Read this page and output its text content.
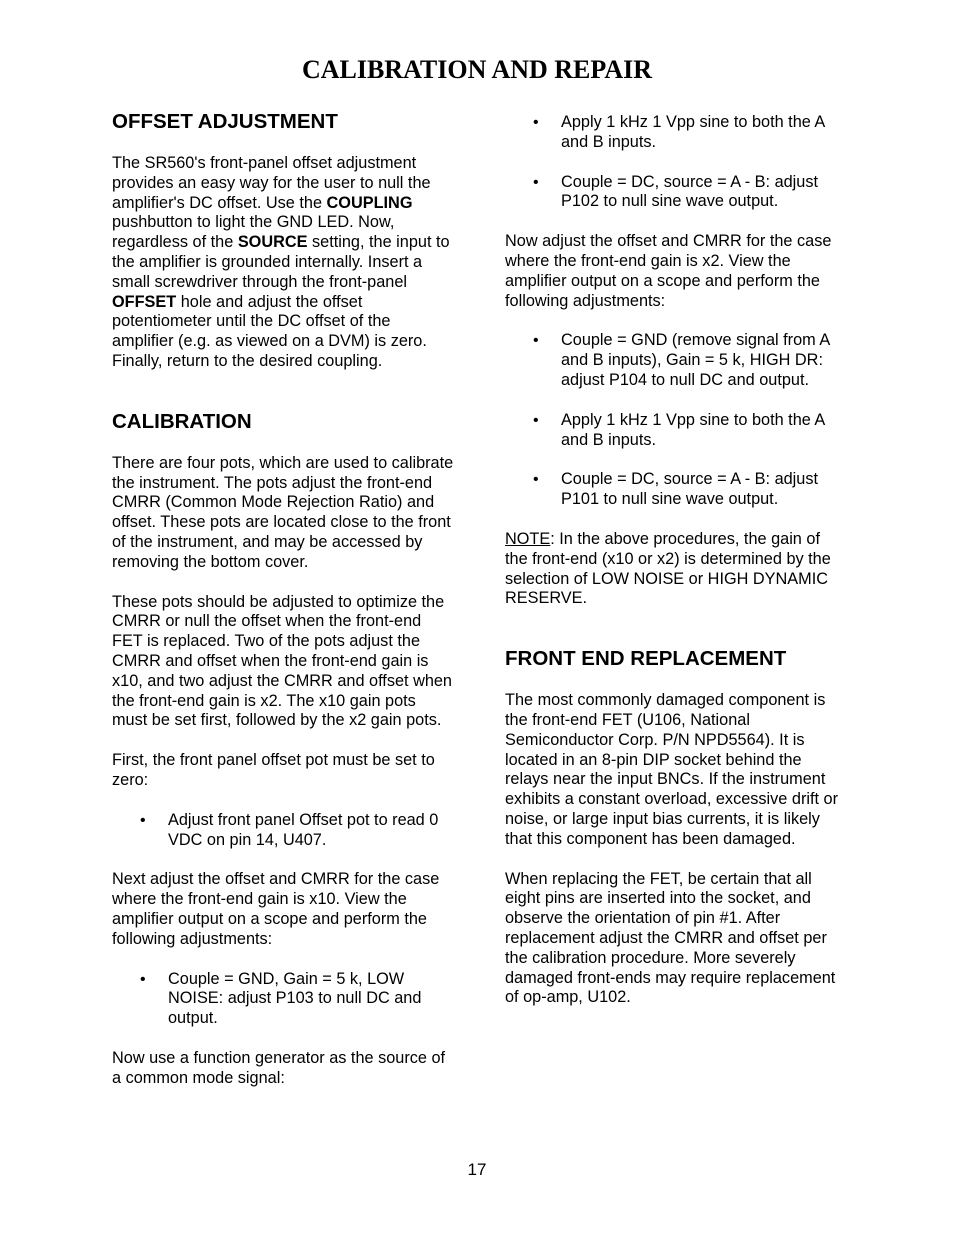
CALIBRATION AND REPAIR
OFFSET ADJUSTMENT

The SR560's front-panel offset adjustment provides an easy way for the user to null the amplifier's DC offset. Use the COUPLING pushbutton to light the GND LED. Now, regardless of the SOURCE setting, the input to the amplifier is grounded internally. Insert a small screwdriver through the front-panel OFFSET hole and adjust the offset potentiometer until the DC offset of the amplifier (e.g. as viewed on a DVM) is zero. Finally, return to the desired coupling.

CALIBRATION

There are four pots, which are used to calibrate the instrument. The pots adjust the front-end CMRR (Common Mode Rejection Ratio) and offset. These pots are located close to the front of the instrument, and may be accessed by removing the bottom cover.

These pots should be adjusted to optimize the CMRR or null the offset when the front-end FET is replaced. Two of the pots adjust the CMRR and offset when the front-end gain is x10, and two adjust the CMRR and offset when the front-end gain is x2. The x10 gain pots must be set first, followed by the x2 gain pots.

First, the front panel offset pot must be set to zero:

• Adjust front panel Offset pot to read 0 VDC on pin 14, U407.

Next adjust the offset and CMRR for the case where the front-end gain is x10. View the amplifier output on a scope and perform the following adjustments:

• Couple = GND, Gain = 5 k, LOW NOISE: adjust P103 to null DC and output.

Now use a function generator as the source of a common mode signal:

• Apply 1 kHz 1 Vpp sine to both the A and B inputs.
• Couple = DC, source = A - B: adjust P102 to null sine wave output.

Now adjust the offset and CMRR for the case where the front-end gain is x2. View the amplifier output on a scope and perform the following adjustments:

• Couple = GND (remove signal from A and B inputs), Gain = 5 k, HIGH DR: adjust P104 to null DC and output.
• Apply 1 kHz 1 Vpp sine to both the A and B inputs.
• Couple = DC, source = A - B: adjust P101 to null sine wave output.

NOTE: In the above procedures, the gain of the front-end (x10 or x2) is determined by the selection of LOW NOISE or HIGH DYNAMIC RESERVE.

FRONT END REPLACEMENT

The most commonly damaged component is the front-end FET (U106, National Semiconductor Corp. P/N NPD5564). It is located in an 8-pin DIP socket behind the relays near the input BNCs. If the instrument exhibits a constant overload, excessive drift or noise, or large input bias currents, it is likely that this component has been damaged.

When replacing the FET, be certain that all eight pins are inserted into the socket, and observe the orientation of pin #1. After replacement adjust the CMRR and offset per the calibration procedure. More severely damaged front-ends may require replacement of op-amp, U102.

17
